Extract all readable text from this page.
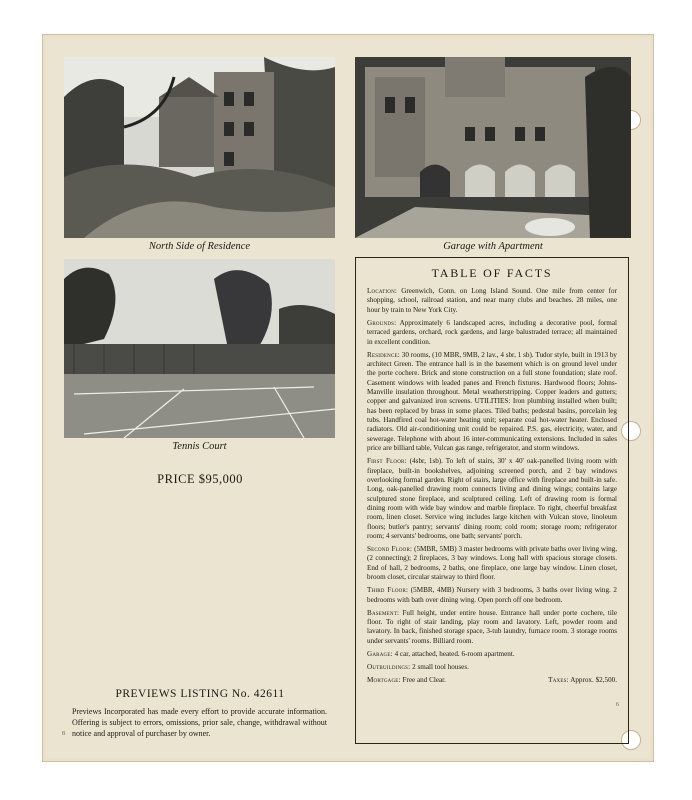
North Side of Residence	Garage with Apartment
Tennis Court
PRICE $95,000
PREVIEWS LISTING No. 42611
Previews Incorporated has made every effort to provide accurate information. Offering is subject to errors, omissions, prior sale, change, withdrawal without notice and approval of purchaser by owner.
TABLE OF FACTS

Location: Greenwich, Conn. on Long Island Sound. One mile from center for shopping, school, railroad station, and near many clubs and beaches. 28 miles, one hour by train to New York City.

Grounds: Approximately 6 landscaped acres, including a decorative pool, formal terraced gardens, orchard, rock gardens, and large balustraded terrace; all maintained in excellent condition.

Residence: 30 rooms, (10 MBR, 9MB, 2 lav., 4 sbr, 1 sb). Tudor style, built in 1913 by architect Green. The entrance hall is in the basement which is on ground level under the porte cochere. Brick and stone construction on a full stone foundation; slate roof. Casement windows with leaded panes and French fixtures. Hardwood floors; Johns-Manville insulation throughout. Metal weatherstripping. Copper leaders and gutters; copper and galvanized iron screens. UTILITIES: Iron plumbing installed when built; has been replaced by brass in some places. Tiled baths; pedestal basins, porcelain leg tubs. Handfired coal hot-water heating unit; separate coal hot-water heater. Enclosed radiators. Old air-conditioning unit could be repaired. P.S. gas, electricity, water, and sewerage. Telephone with about 16 inter-communicating extensions. Included in sales price are billiard table, Vulcan gas range, refrigerator, and storm windows.

First Floor: (4sbr, 1sb). To left of stairs, 30' x 40' oak-panelled living room with fireplace, built-in bookshelves, adjoining screened porch, and 2 bay windows overlooking formal garden. Right of stairs, large office with fireplace and built-in safe. Long, oak-panelled drawing room connects living and dining wings; contains large sculptured stone fireplace, and sculptured ceiling. Left of drawing room is formal dining room with wide bay window and marble fireplace. To right, cheerful breakfast room, linen closet. Service wing includes large kitchen with Vulcan stove, linoleum floors; butler's pantry; servants' dining room; cold room; storage room; refrigerator room; 4 servants' bedrooms, one bath; servants' porch.

Second Floor: (5MBR, 5MB) 3 master bedrooms with private baths over living wing, (2 connecting); 2 fireplaces, 3 bay windows. Long hall with spacious storage closets. End of hall, 2 bedrooms, 2 baths, one fireplace, one large bay window. Linen closet, broom closet, circular stairway to third floor.

Third Floor: (5MBR, 4MB) Nursery with 3 bedrooms, 3 baths over living wing. 2 bedrooms with bath over dining wing. Open porch off one bedroom.

Basement: Full height, under entire house. Entrance hall under porte cochere, tile floor. To right of stair landing, play room and lavatory. Left, powder room and lavatory. In back, finished storage space, 3-tub laundry, furnace room. 3 storage rooms under servants' rooms. Billiard room.

Garage: 4 car, attached, heated. 6-room apartment.

Outbuildings: 2 small tool houses.

Mortgage: Free and Clear.	Taxes: Approx. $2,500.
6
8
